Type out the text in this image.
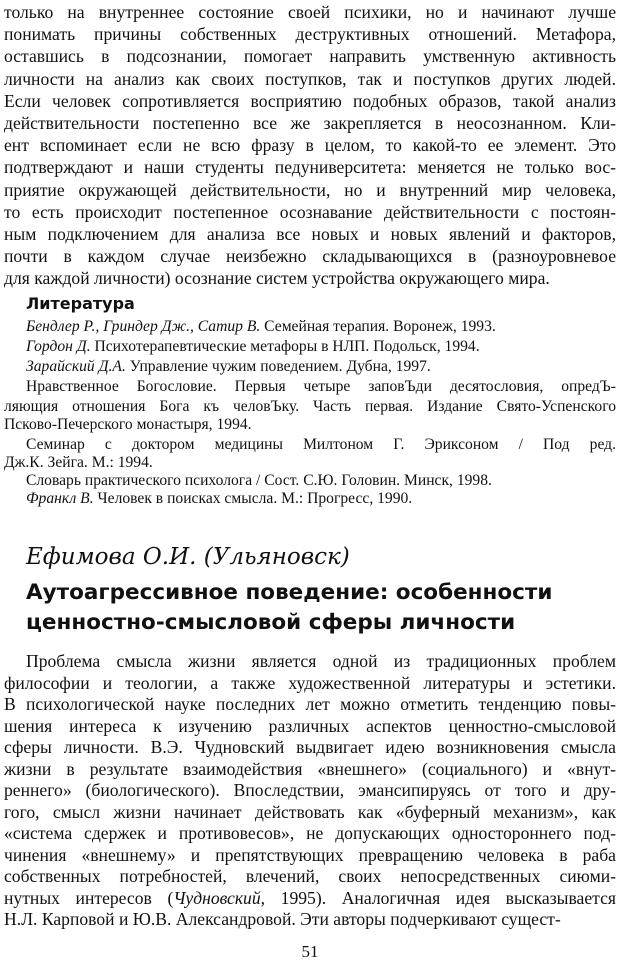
только на внутреннее состояние своей психики, но и начинают лучше
понимать причины собственных деструктивных отношений. Метафора,
оставшись в подсознании, помогает направить умственную активность
личности на анализ как своих поступков, так и поступков других людей.
Если человек сопротивляется восприятию подобных образов, такой анализ
действительности постепенно все же закрепляется в неосознанном. Кли-
ент вспоминает если не всю фразу в целом, то какой-то ее элемент. Это
подтверждают и наши студенты педуниверситета: меняется не только вос-
приятие окружающей действительности, но и внутренний мир человека,
то есть происходит постепенное осознавание действительности с постоян-
ным подключением для анализа все новых и новых явлений и факторов,
почти в каждом случае неизбежно складывающихся в (разноуровневое
для каждой личности) осознание систем устройства окружающего мира.
Литература
Бендлер Р., Гриндер Дж., Сатир В. Семейная терапия. Воронеж, 1993.
Гордон Д. Психотерапевтические метафоры в НЛП. Подольск, 1994.
Зарайский Д.А. Управление чужим поведением. Дубна, 1997.
Нравственное Богословие. Первыя четыре заповЪди десятословия, опредЪ-
ляющия отношения Бога къ человЪку. Часть первая. Издание Свято-Успенского
Псково-Печерского монастыря, 1994.
Семинар с доктором медицины Милтоном Г. Эриксоном / Под ред.
Дж.К. Зейга. М.: 1994.
Словарь практического психолога / Сост. С.Ю. Головин. Минск, 1998.
Франкл В. Человек в поисках смысла. М.: Прогресс, 1990.
Ефимова О.И. (Ульяновск)
Аутоагрессивное поведение: особенности
ценностно-смысловой сферы личности
Проблема смысла жизни является одной из традиционных проблем
философии и теологии, а также художественной литературы и эстетики.
В психологической науке последних лет можно отметить тенденцию повы-
шения интереса к изучению различных аспектов ценностно-смысловой
сферы личности. В.Э. Чудновский выдвигает идею возникновения смысла
жизни в результате взаимодействия «внешнего» (социального) и «внут-
реннего» (биологического). Впоследствии, эмансипируясь от того и дру-
гого, смысл жизни начинает действовать как «буферный механизм», как
«система сдержек и противовесов», не допускающих одностороннего под-
чинения «внешнему» и препятствующих превращению человека в раба
собственных потребностей, влечений, своих непосредственных сиюми-
нутных интересов (Чудновский, 1995). Аналогичная идея высказывается
Н.Л. Карповой и Ю.В. Александровой. Эти авторы подчеркивают сущест-
51
